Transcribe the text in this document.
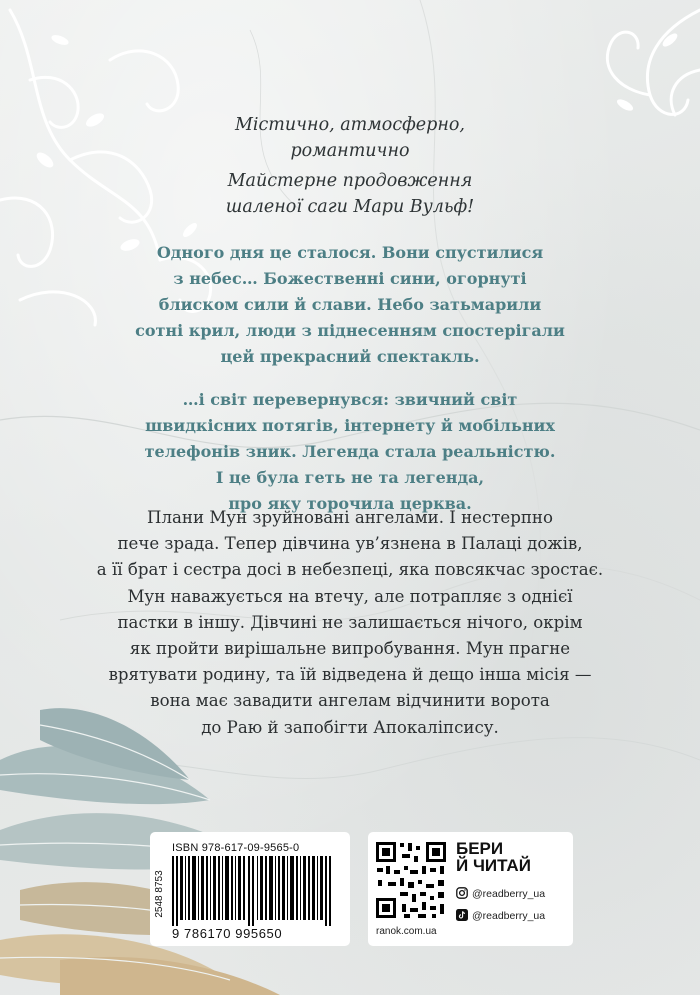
Містично, атмосферно,

романтично

Майстерне продовження

шаленої саги Мари Вульф!

Одного дня це сталося. Вони спустилися
з небес… Божественні сини, огорнуті
блиском сили й слави. Небо затьмарили
сотні крил, люди з піднесенням спостерігали
цей прекрасний спектакль.

…і світ перевернувся: звичний світ
швидкісних потягів, інтернету й мобільних
телефонів зник. Легенда стала реальністю.
І це була геть не та легенда,
про яку торочила церква.

Плани Мун зруйновані ангелами. І нестерпно
пече зрада. Тепер дівчина ув’язнена в Палаці дожів,
а її брат і сестра досі в небезпеці, яка повсякчас зростає.
Мун наважується на втечу, але потрапляє з однієї
пастки в іншу. Дівчині не залишається нічого, окрім
як пройти вирішальне випробування. Мун прагне
врятувати родину, та їй відведена й дещо інша місія —
вона має завадити ангелам відчинити ворота
до Раю й запобігти Апокаліпсису.

ISBN 978-617-09-9565-0
2548 8753
9 786170 995650	ranok.com.ua
БЕРИ
Й ЧИТАЙ
@readberry_ua
@readberry_ua
